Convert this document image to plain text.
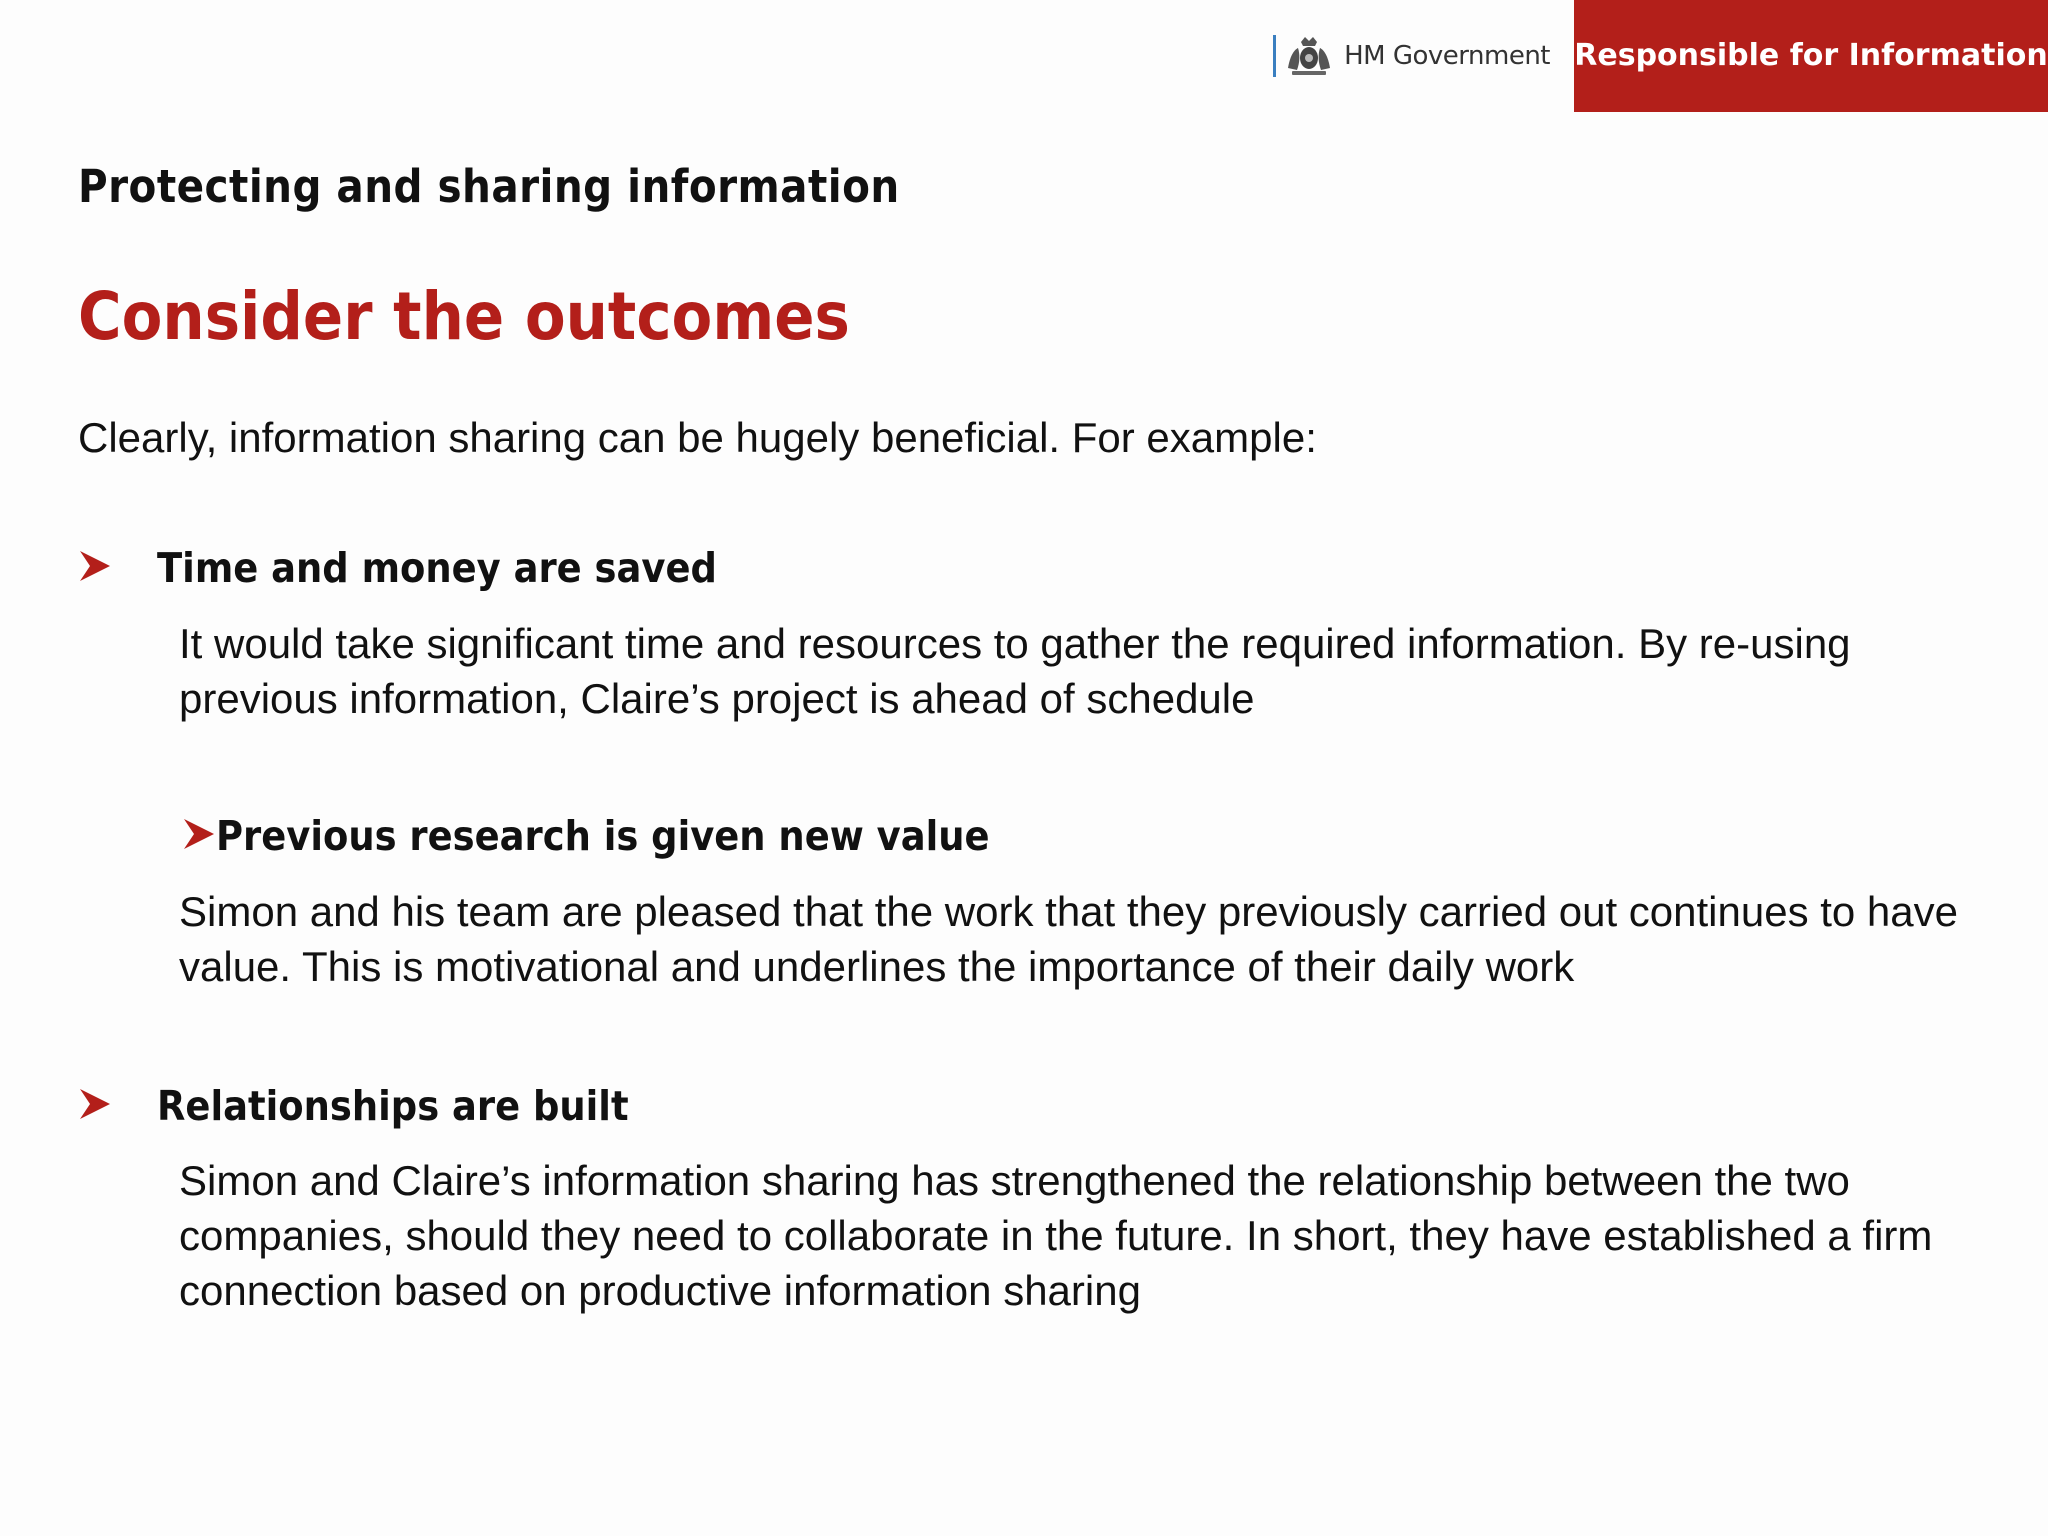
HM Government Responsible for Information
Protecting and sharing information
Consider the outcomes

Clearly, information sharing can be hugely beneficial. For example:

Time and money are saved

It would take significant time and resources to gather the required information. By re-using previous information, Claire’s project is ahead of schedule

Previous research is given new value

Simon and his team are pleased that the work that they previously carried out continues to have value. This is motivational and underlines the importance of their daily work

Relationships are built

Simon and Claire’s information sharing has strengthened the relationship between the two companies, should they need to collaborate in the future. In short, they have established a firm connection based on productive information sharing
